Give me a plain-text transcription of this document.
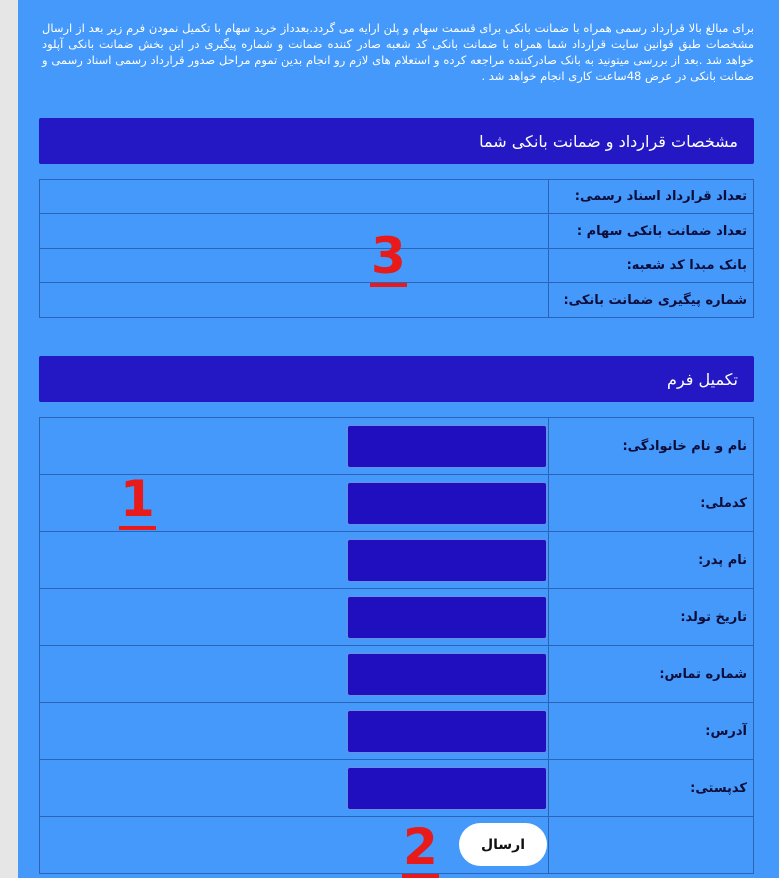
برای مبالغ بالا قرارداد رسمی همراه با ضمانت بانکی برای قسمت سهام و پلن ارایه می گردد.بعدداز خرید سهام با تکمیل نمودن فرم زیر بعد از ارسال مشخصات طبق قوانین سایت قرارداد شما همراه با ضمانت بانکی کد شعبه صادر کننده ضمانت و شماره پیگیری در این بخش ضمانت بانکی آپلود خواهد شد .بعد از بررسی میتونید به بانک صادرکننده مراجعه کرده و استعلام های لازم رو انجام بدین تموم مراحل صدور قرارداد رسمی اسناد رسمی و ضمانت بانکی در عرض 48ساعت کاری انجام خواهد شد .
مشخصات قرارداد و ضمانت بانکی شما
	تعداد قرارداد اسناد رسمی:
	تعداد ضمانت بانکی سهام :
	بانک مبدا کد شعبه:
	شماره پیگیری ضمانت بانکی:
تکمیل فرم
	نام و نام خانوادگی:

	کدملی:

	نام پدر:

	تاریخ تولد:

	شماره تماس:

	آدرس:

	کدپستی:

ارسال	

3
1
2
